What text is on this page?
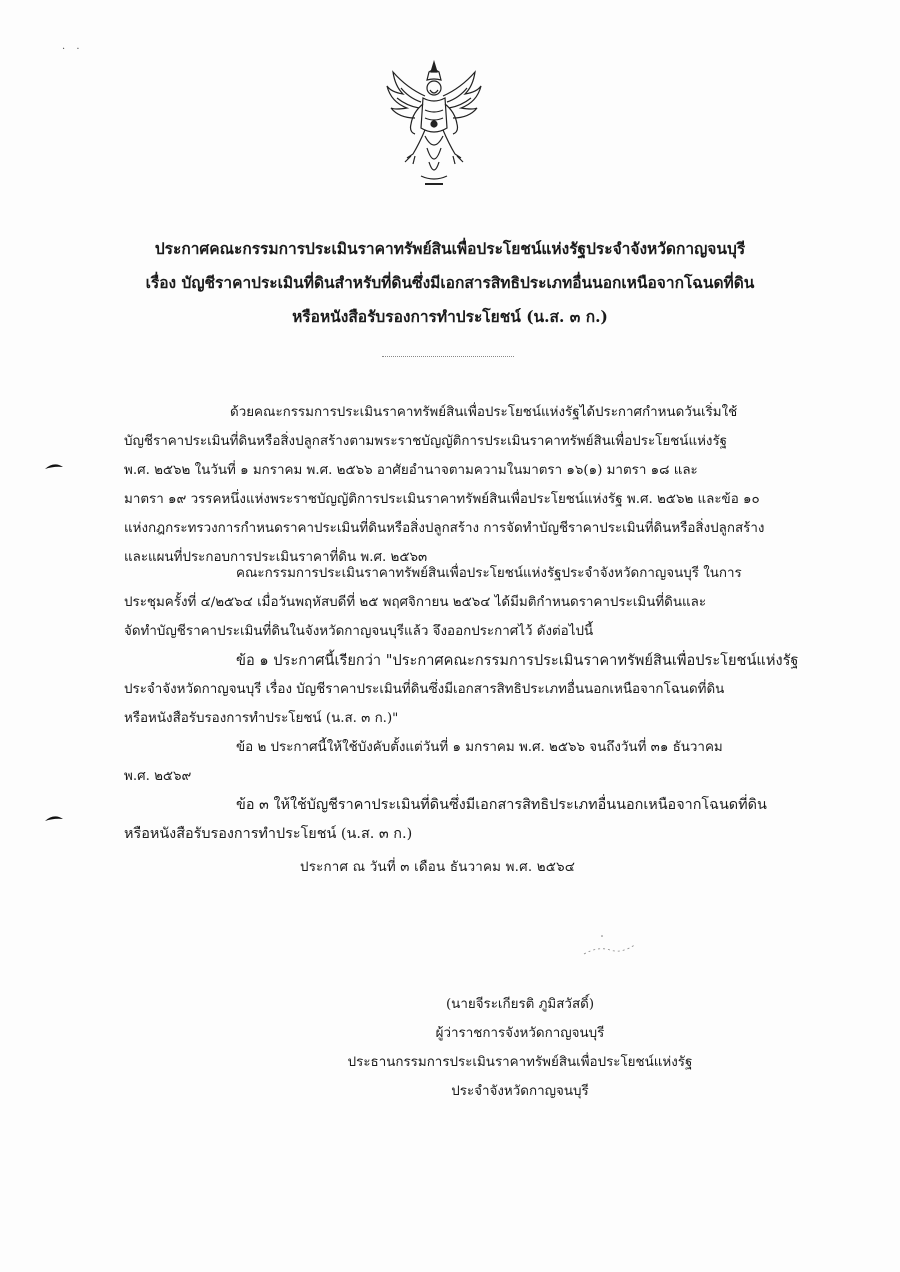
· ·
ประกาศคณะกรรมการประเมินราคาทรัพย์สินเพื่อประโยชน์แห่งรัฐประจำจังหวัดกาญจนบุรี
เรื่อง บัญชีราคาประเมินที่ดินสำหรับที่ดินซึ่งมีเอกสารสิทธิประเภทอื่นนอกเหนือจากโฉนดที่ดิน
หรือหนังสือรับรองการทำประโยชน์ (น.ส. ๓ ก.)
ด้วยคณะกรรมการประเมินราคาทรัพย์สินเพื่อประโยชน์แห่งรัฐได้ประกาศกำหนดวันเริ่มใช้
บัญชีราคาประเมินที่ดินหรือสิ่งปลูกสร้างตามพระราชบัญญัติการประเมินราคาทรัพย์สินเพื่อประโยชน์แห่งรัฐ
พ.ศ. ๒๕๖๒ ในวันที่ ๑ มกราคม พ.ศ. ๒๕๖๖ อาศัยอำนาจตามความในมาตรา ๑๖(๑) มาตรา ๑๘ และ
มาตรา ๑๙ วรรคหนึ่งแห่งพระราชบัญญัติการประเมินราคาทรัพย์สินเพื่อประโยชน์แห่งรัฐ พ.ศ. ๒๕๖๒ และข้อ ๑๐
แห่งกฎกระทรวงการกำหนดราคาประเมินที่ดินหรือสิ่งปลูกสร้าง การจัดทำบัญชีราคาประเมินที่ดินหรือสิ่งปลูกสร้าง
และแผนที่ประกอบการประเมินราคาที่ดิน พ.ศ. ๒๕๖๓
คณะกรรมการประเมินราคาทรัพย์สินเพื่อประโยชน์แห่งรัฐประจำจังหวัดกาญจนบุรี ในการ
ประชุมครั้งที่ ๔/๒๕๖๔ เมื่อวันพฤหัสบดีที่ ๒๕ พฤศจิกายน ๒๕๖๔ ได้มีมติกำหนดราคาประเมินที่ดินและ
จัดทำบัญชีราคาประเมินที่ดินในจังหวัดกาญจนบุรีแล้ว จึงออกประกาศไว้ ดังต่อไปนี้
ข้อ ๑ ประกาศนี้เรียกว่า "ประกาศคณะกรรมการประเมินราคาทรัพย์สินเพื่อประโยชน์แห่งรัฐ
ประจำจังหวัดกาญจนบุรี เรื่อง บัญชีราคาประเมินที่ดินซึ่งมีเอกสารสิทธิประเภทอื่นนอกเหนือจากโฉนดที่ดิน
หรือหนังสือรับรองการทำประโยชน์ (น.ส. ๓ ก.)"
ข้อ ๒ ประกาศนี้ให้ใช้บังคับตั้งแต่วันที่ ๑ มกราคม พ.ศ. ๒๕๖๖ จนถึงวันที่ ๓๑ ธันวาคม
พ.ศ. ๒๕๖๙
ข้อ ๓ ให้ใช้บัญชีราคาประเมินที่ดินซึ่งมีเอกสารสิทธิประเภทอื่นนอกเหนือจากโฉนดที่ดิน
หรือหนังสือรับรองการทำประโยชน์ (น.ส. ๓ ก.)
ประกาศ ณ วันที่ ๓ เดือน ธันวาคม พ.ศ. ๒๕๖๔
(นายจีระเกียรติ ภูมิสวัสดิ์)
ผู้ว่าราชการจังหวัดกาญจนบุรี
ประธานกรรมการประเมินราคาทรัพย์สินเพื่อประโยชน์แห่งรัฐ
ประจำจังหวัดกาญจนบุรี
